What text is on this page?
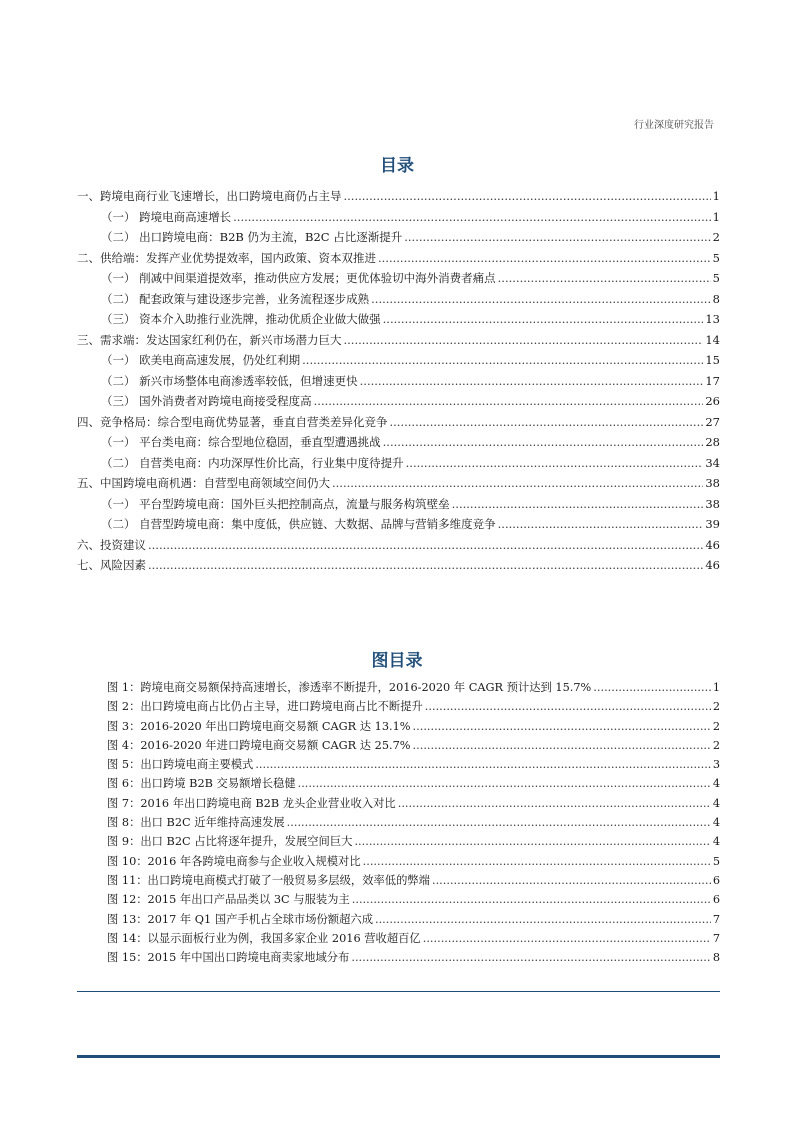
行业深度研究报告
目录
一、跨境电商行业飞速增长，出口跨境电商仍占主导 .....	1
（一） 跨境电商高速增长 .....	1
（二） 出口跨境电商：B2B 仍为主流，B2C 占比逐渐提升 .....	2
二、供给端：发挥产业优势提效率，国内政策、资本双推进 .....	5
（一） 削减中间渠道提效率，推动供应方发展；更优体验切中海外消费者痛点 .....	5
（二） 配套政策与建设逐步完善，业务流程逐步成熟 .....	8
（三） 资本介入助推行业洗牌，推动优质企业做大做强 .....	13
三、需求端：发达国家红利仍在，新兴市场潜力巨大 .....	14
（一） 欧美电商高速发展，仍处红利期 .....	15
（二） 新兴市场整体电商渗透率较低，但增速更快 .....	17
（三） 国外消费者对跨境电商接受程度高 .....	26
四、竞争格局：综合型电商优势显著，垂直自营类差异化竞争 .....	27
（一） 平台类电商：综合型地位稳固，垂直型遭遇挑战 .....	28
（二） 自营类电商：内功深厚性价比高，行业集中度待提升 .....	34
五、中国跨境电商机遇：自营型电商领域空间仍大 .....	38
（一） 平台型跨境电商：国外巨头把控制高点，流量与服务构筑壁垒 .....	38
（二） 自营型跨境电商：集中度低，供应链、大数据、品牌与营销多维度竞争 .....	39
六、投资建议 .....	46
七、风险因素 .....	46
图目录
图 1：跨境电商交易额保持高速增长，渗透率不断提升，2016-2020 年 CAGR 预计达到 15.7% .....	1
图 2：出口跨境电商占比仍占主导，进口跨境电商占比不断提升 .....	2
图 3：2016-2020 年出口跨境电商交易额 CAGR 达 13.1% .....	2
图 4：2016-2020 年进口跨境电商交易额 CAGR 达 25.7% .....	2
图 5：出口跨境电商主要模式 .....	3
图 6：出口跨境 B2B 交易额增长稳健 .....	4
图 7：2016 年出口跨境电商 B2B 龙头企业营业收入对比 .....	4
图 8：出口 B2C 近年维持高速发展 .....	4
图 9：出口 B2C 占比将逐年提升，发展空间巨大 .....	4
图 10：2016 年各跨境电商参与企业收入规模对比 .....	5
图 11：出口跨境电商模式打破了一般贸易多层级，效率低的弊端 .....	6
图 12：2015 年出口产品品类以 3C 与服装为主 .....	6
图 13：2017 年 Q1 国产手机占全球市场份额超六成 .....	7
图 14：以显示面板行业为例，我国多家企业 2016 营收超百亿 .....	7
图 15：2015 年中国出口跨境电商卖家地域分布 .....	8
